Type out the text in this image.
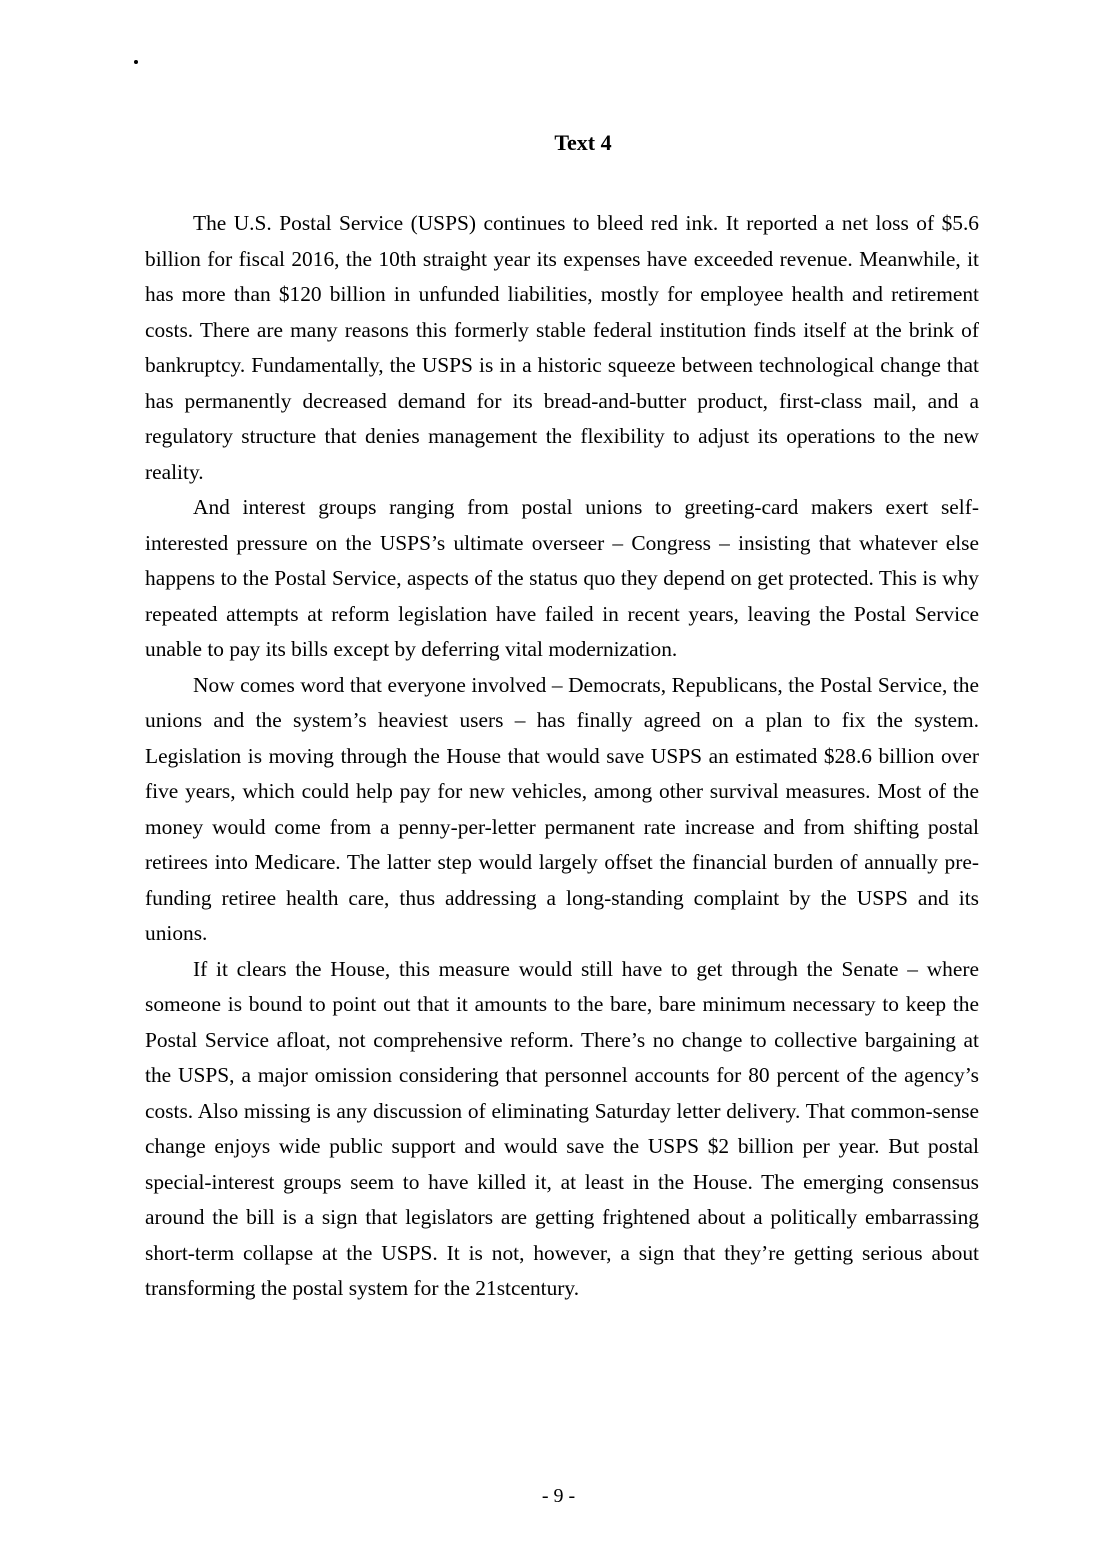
Text 4

The U.S. Postal Service (USPS) continues to bleed red ink. It reported a net loss of $5.6 billion for fiscal 2016, the 10th straight year its expenses have exceeded revenue. Meanwhile, it has more than $120 billion in unfunded liabilities, mostly for employee health and retirement costs. There are many reasons this formerly stable federal institution finds itself at the brink of bankruptcy. Fundamentally, the USPS is in a historic squeeze between technological change that has permanently decreased demand for its bread-and-butter product, first-class mail, and a regulatory structure that denies management the flexibility to adjust its operations to the new reality.

And interest groups ranging from postal unions to greeting-card makers exert self-interested pressure on the USPS’s ultimate overseer – Congress – insisting that whatever else happens to the Postal Service, aspects of the status quo they depend on get protected. This is why repeated attempts at reform legislation have failed in recent years, leaving the Postal Service unable to pay its bills except by deferring vital modernization.

Now comes word that everyone involved – Democrats, Republicans, the Postal Service, the unions and the system’s heaviest users – has finally agreed on a plan to fix the system. Legislation is moving through the House that would save USPS an estimated $28.6 billion over five years, which could help pay for new vehicles, among other survival measures. Most of the money would come from a penny-per-letter permanent rate increase and from shifting postal retirees into Medicare. The latter step would largely offset the financial burden of annually pre-funding retiree health care, thus addressing a long-standing complaint by the USPS and its unions.

If it clears the House, this measure would still have to get through the Senate – where someone is bound to point out that it amounts to the bare, bare minimum necessary to keep the Postal Service afloat, not comprehensive reform. There’s no change to collective bargaining at the USPS, a major omission considering that personnel accounts for 80 percent of the agency’s costs. Also missing is any discussion of eliminating Saturday letter delivery. That common-sense change enjoys wide public support and would save the USPS $2 billion per year. But postal special-interest groups seem to have killed it, at least in the House. The emerging consensus around the bill is a sign that legislators are getting frightened about a politically embarrassing short-term collapse at the USPS. It is not, however, a sign that they’re getting serious about transforming the postal system for the 21stcentury.

- 9 -
